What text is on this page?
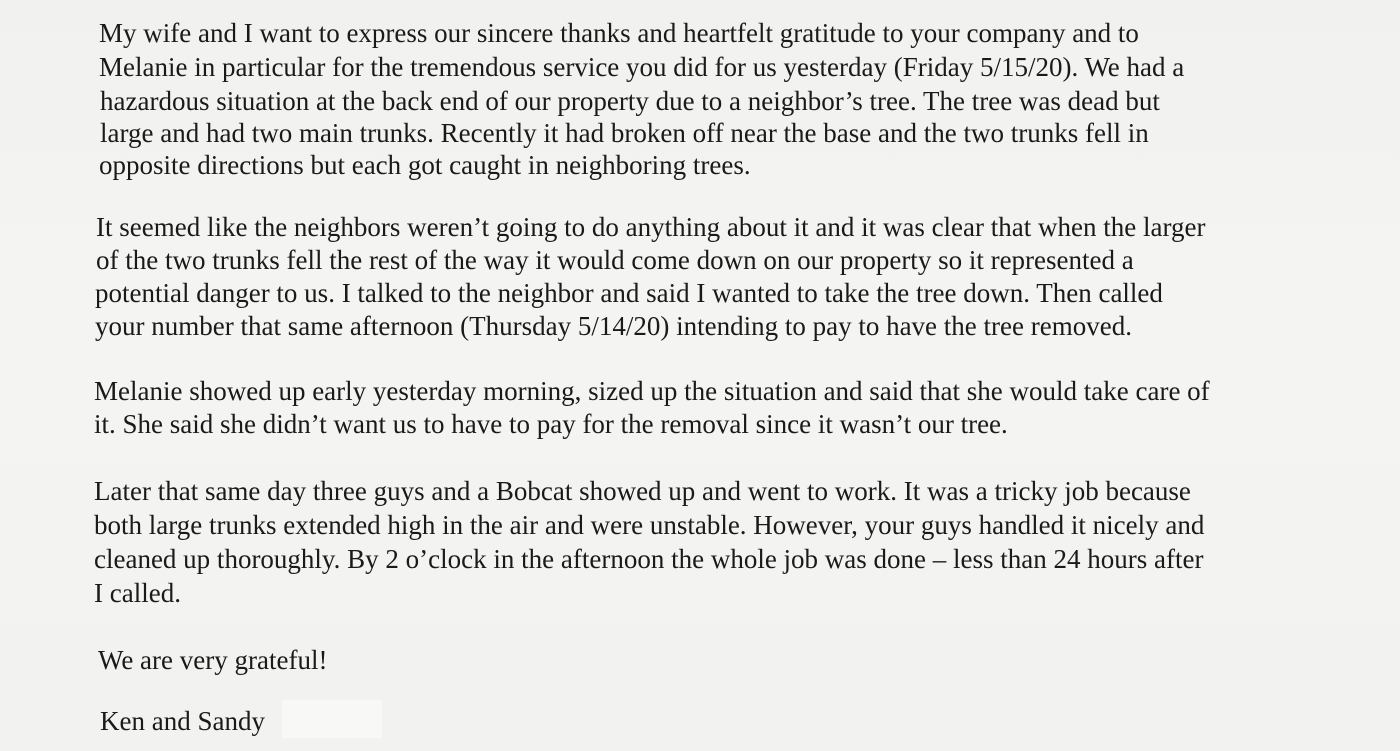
My wife and I want to express our sincere thanks and heartfelt gratitude to your company and to
Melanie in particular for the tremendous service you did for us yesterday (Friday 5/15/20). We had a
hazardous situation at the back end of our property due to a neighbor’s tree. The tree was dead but
large and had two main trunks. Recently it had broken off near the base and the two trunks fell in
opposite directions but each got caught in neighboring trees.
It seemed like the neighbors weren’t going to do anything about it and it was clear that when the larger
of the two trunks fell the rest of the way it would come down on our property so it represented a
potential danger to us. I talked to the neighbor and said I wanted to take the tree down. Then called
your number that same afternoon (Thursday 5/14/20) intending to pay to have the tree removed.
Melanie showed up early yesterday morning, sized up the situation and said that she would take care of
it. She said she didn’t want us to have to pay for the removal since it wasn’t our tree.
Later that same day three guys and a Bobcat showed up and went to work. It was a tricky job because
both large trunks extended high in the air and were unstable. However, your guys handled it nicely and
cleaned up thoroughly. By 2 o’clock in the afternoon the whole job was done – less than 24 hours after
I called.
We are very grateful!
Ken and Sandy
